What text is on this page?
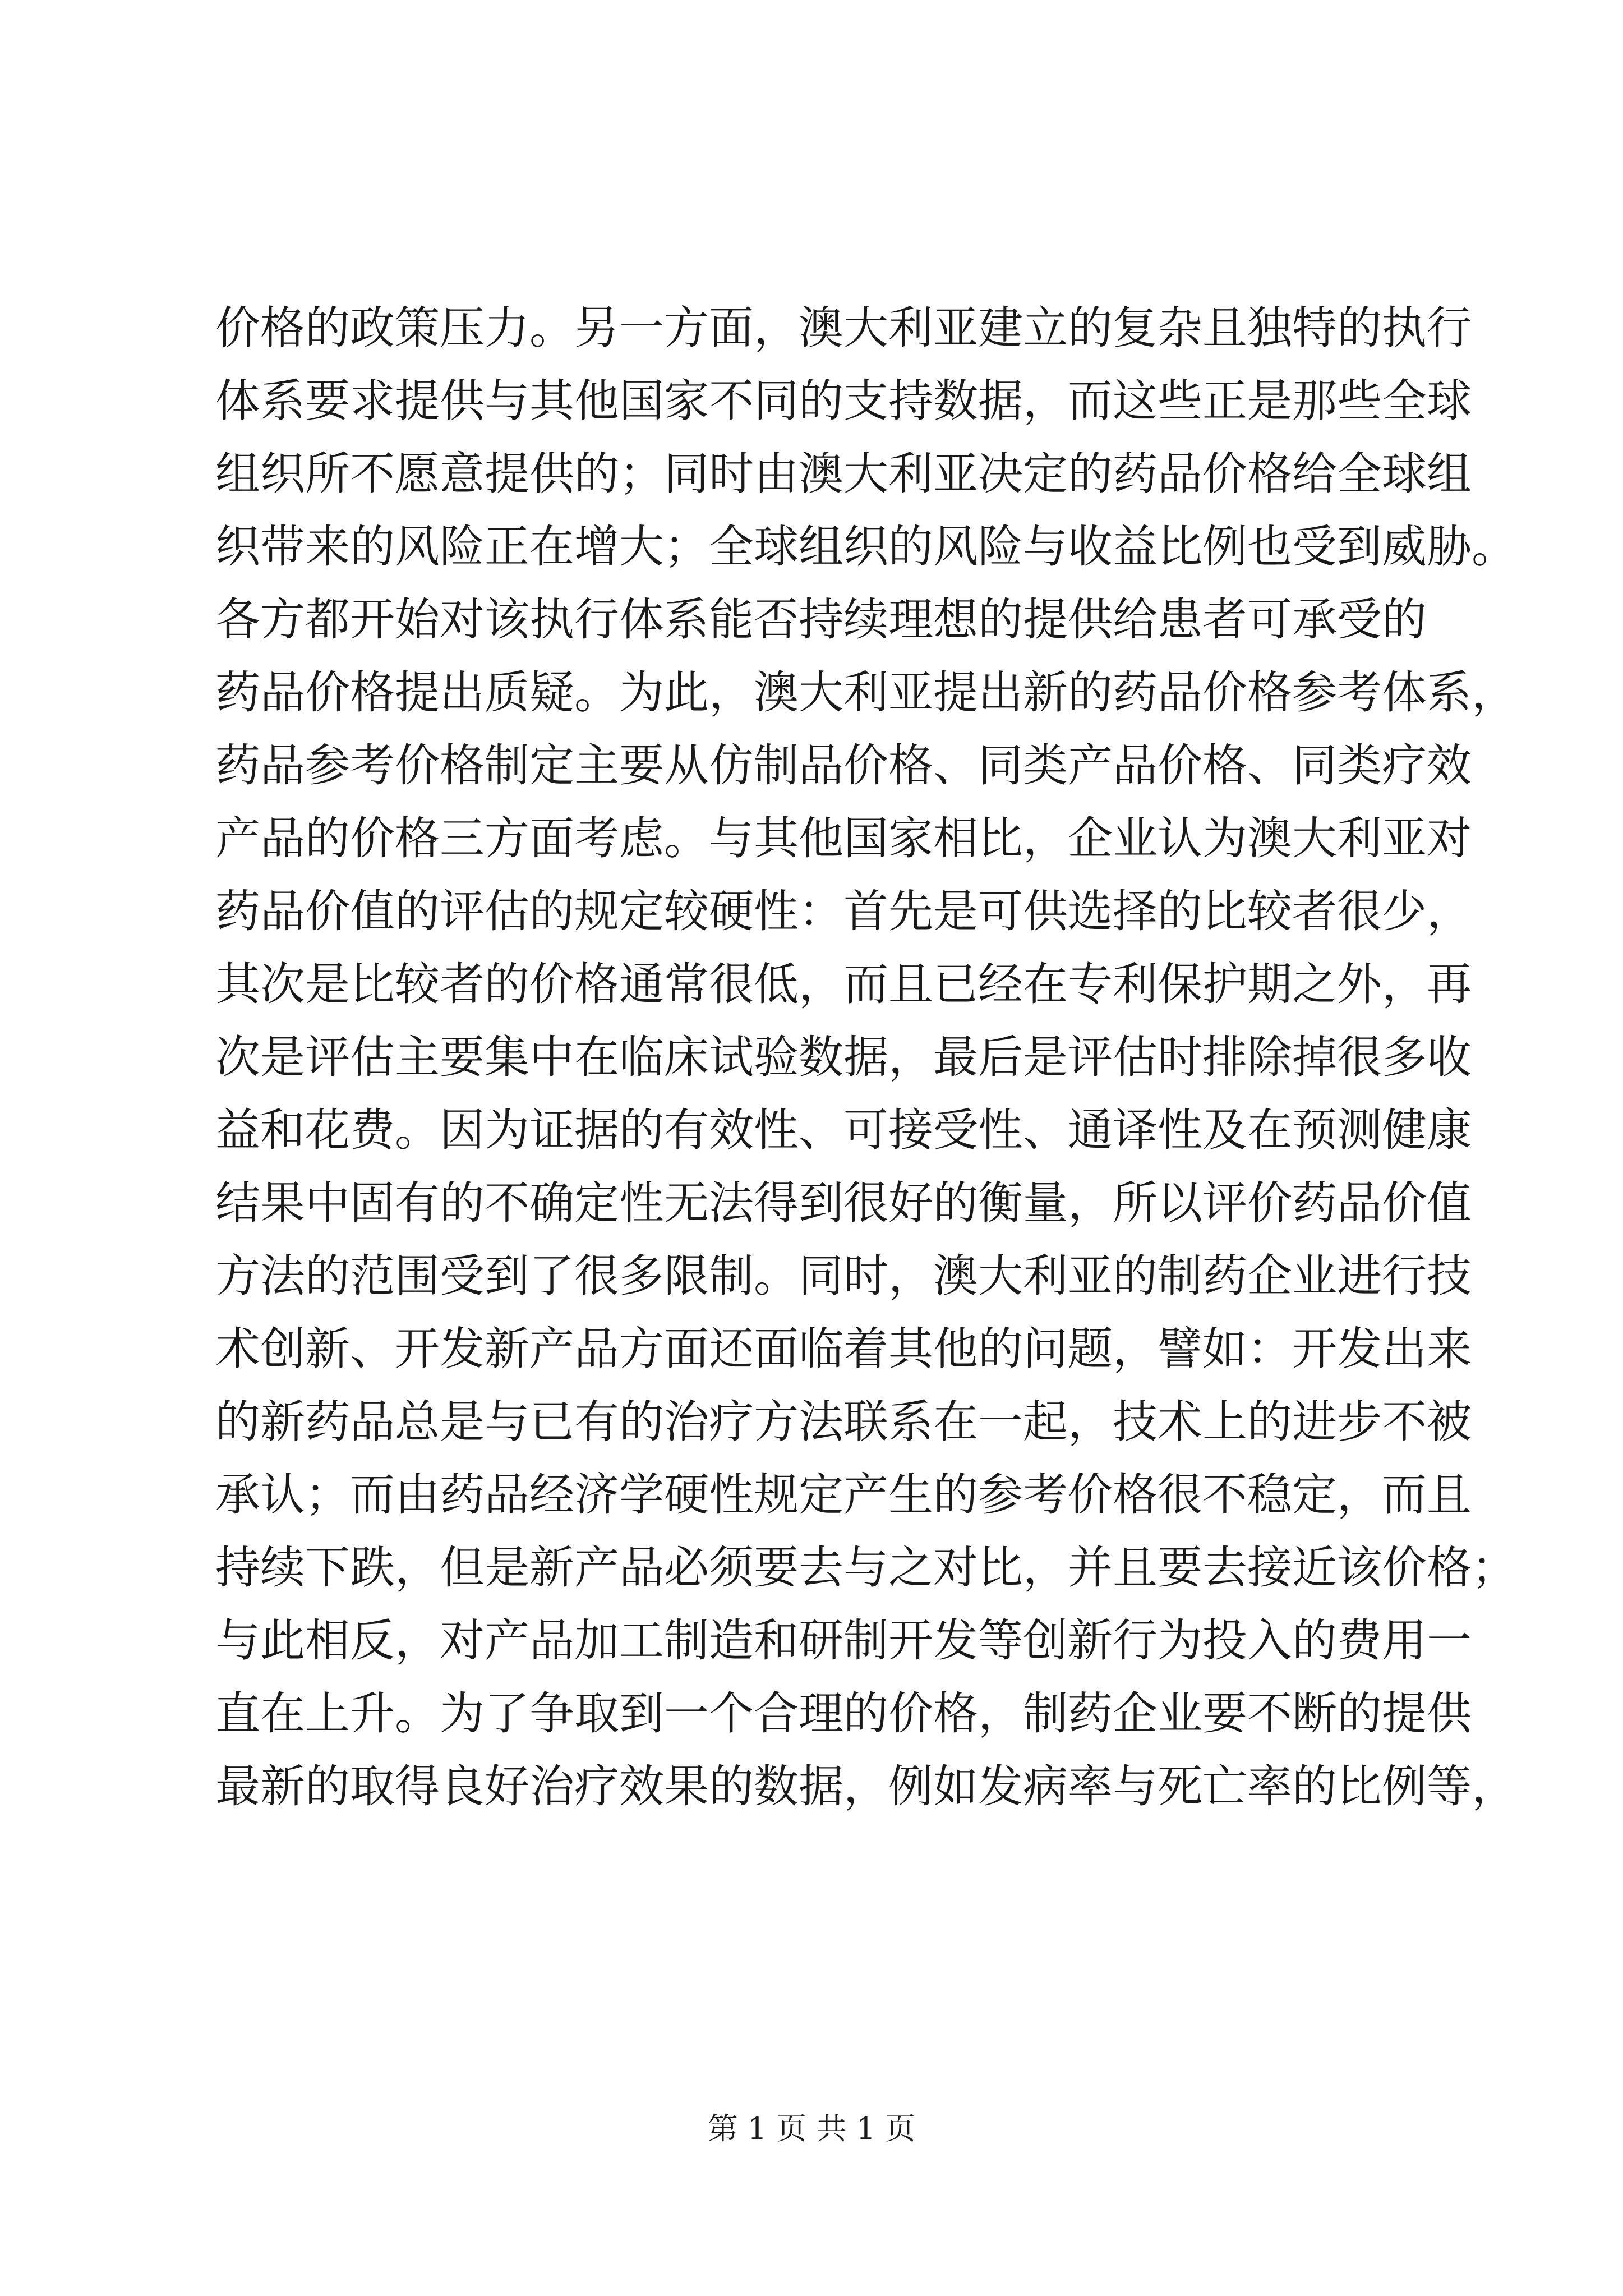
价格的政策压力。另一方面，澳大利亚建立的复杂且独特的执行
体系要求提供与其他国家不同的支持数据，而这些正是那些全球
组织所不愿意提供的；同时由澳大利亚决定的药品价格给全球组
织带来的风险正在增大；全球组织的风险与收益比例也受到威胁。
各方都开始对该执行体系能否持续理想的提供给患者可承受的
药品价格提出质疑。为此，澳大利亚提出新的药品价格参考体系，
药品参考价格制定主要从仿制品价格、同类产品价格、同类疗效
产品的价格三方面考虑。与其他国家相比，企业认为澳大利亚对
药品价值的评估的规定较硬性：首先是可供选择的比较者很少，
其次是比较者的价格通常很低，而且已经在专利保护期之外，再
次是评估主要集中在临床试验数据，最后是评估时排除掉很多收
益和花费。因为证据的有效性、可接受性、通译性及在预测健康
结果中固有的不确定性无法得到很好的衡量，所以评价药品价值
方法的范围受到了很多限制。同时，澳大利亚的制药企业进行技
术创新、开发新产品方面还面临着其他的问题，譬如：开发出来
的新药品总是与已有的治疗方法联系在一起，技术上的进步不被
承认；而由药品经济学硬性规定产生的参考价格很不稳定，而且
持续下跌，但是新产品必须要去与之对比，并且要去接近该价格；
与此相反，对产品加工制造和研制开发等创新行为投入的费用一
直在上升。为了争取到一个合理的价格，制药企业要不断的提供
最新的取得良好治疗效果的数据，例如发病率与死亡率的比例等，
第 1 页 共 1 页
